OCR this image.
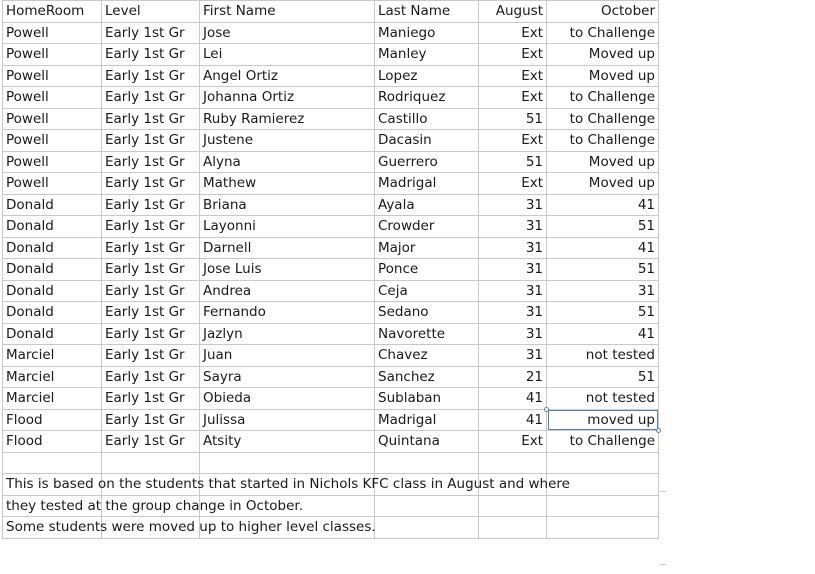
HomeRoom	Level	First Name	Last Name	August	October
Powell	Early 1st Gr	Jose	Maniego	Ext	to Challenge
Powell	Early 1st Gr	Lei	Manley	Ext	Moved up
Powell	Early 1st Gr	Angel Ortiz	Lopez	Ext	Moved up
Powell	Early 1st Gr	Johanna Ortiz	Rodriquez	Ext	to Challenge
Powell	Early 1st Gr	Ruby Ramierez	Castillo	51	to Challenge
Powell	Early 1st Gr	Justene	Dacasin	Ext	to Challenge
Powell	Early 1st Gr	Alyna	Guerrero	51	Moved up
Powell	Early 1st Gr	Mathew	Madrigal	Ext	Moved up
Donald	Early 1st Gr	Briana	Ayala	31	41
Donald	Early 1st Gr	Layonni	Crowder	31	51
Donald	Early 1st Gr	Darnell	Major	31	41
Donald	Early 1st Gr	Jose Luis	Ponce	31	51
Donald	Early 1st Gr	Andrea	Ceja	31	31
Donald	Early 1st Gr	Fernando	Sedano	31	51
Donald	Early 1st Gr	Jazlyn	Navorette	31	41
Marciel	Early 1st Gr	Juan	Chavez	31	not tested
Marciel	Early 1st Gr	Sayra	Sanchez	21	51
Marciel	Early 1st Gr	Obieda	Sublaban	41	not tested
Flood	Early 1st Gr	Julissa	Madrigal	41	moved up

Flood	Early 1st Gr	Atsity	Quintana	Ext	to Challenge

This is based on the students that started in Nichols KFC class in August and where					

they tested at the group change in October.					

Some students were moved up to higher level classes.					
